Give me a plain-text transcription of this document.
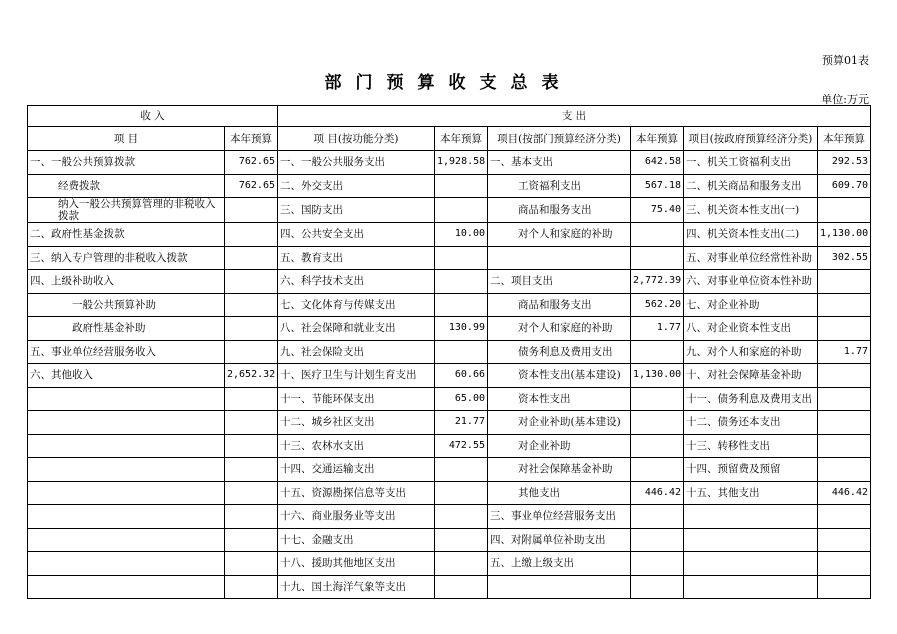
预算01表
部门预算收支总表
单位:万元
收 入		支 出					
项 目	本年预算	项 目(按功能分类)	本年预算	项目(按部门预算经济分类)	本年预算	项目(按政府预算经济分类)	本年预算
一、一般公共预算拨款	762.65	一、一般公共服务支出	1,928.58	一、基本支出	642.58	一、机关工资福利支出	292.53
经费拨款	762.65	二、外交支出		工资福利支出	567.18	二、机关商品和服务支出	609.70
纳入一般公共预算管理的非税收入拨款		三、国防支出		商品和服务支出	75.40	三、机关资本性支出(一)	
二、政府性基金拨款		四、公共安全支出	10.00	对个人和家庭的补助		四、机关资本性支出(二)	1,130.00
三、纳入专户管理的非税收入拨款		五、教育支出				五、对事业单位经常性补助	302.55
四、上级补助收入		六、科学技术支出		二、项目支出	2,772.39	六、对事业单位资本性补助	
一般公共预算补助		七、文化体育与传媒支出		商品和服务支出	562.20	七、对企业补助	
政府性基金补助		八、社会保障和就业支出	130.99	对个人和家庭的补助	1.77	八、对企业资本性支出	
五、事业单位经营服务收入		九、社会保险支出		债务利息及费用支出		九、对个人和家庭的补助	1.77
六、其他收入	2,652.32	十、医疗卫生与计划生育支出	60.66	资本性支出(基本建设)	1,130.00	十、对社会保障基金补助	
		十一、节能环保支出	65.00	资本性支出		十一、债务利息及费用支出	
		十二、城乡社区支出	21.77	对企业补助(基本建设)		十二、债务还本支出	
		十三、农林水支出	472.55	对企业补助		十三、转移性支出	
		十四、交通运输支出		对社会保障基金补助		十四、预留费及预留	
		十五、资源勘探信息等支出		其他支出	446.42	十五、其他支出	446.42
		十六、商业服务业等支出		三、事业单位经营服务支出			
		十七、金融支出		四、对附属单位补助支出			
		十八、援助其他地区支出		五、上缴上级支出			
		十九、国土海洋气象等支出					
